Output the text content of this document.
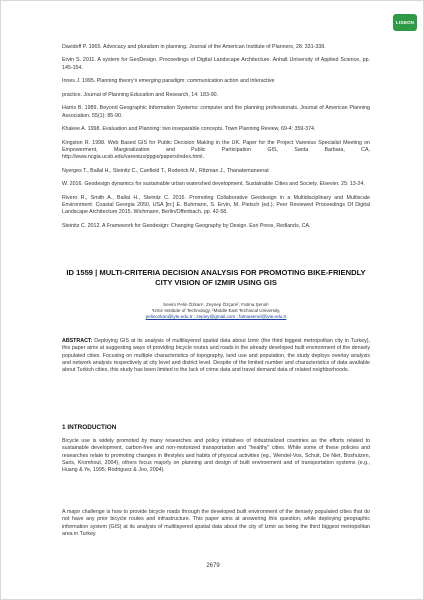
LISBON

Davidoff P. 1965. Advocacy and pluralism in planning. Journal of the American Institute of Planners, 28: 331-338.

Ervin S. 2011. A system for GeoDesign. Proceedings of Digital Landscape Architecture. Anhalt University of Applied Science, pp. 145-154.

Innes J. 1995. Planning theory's emerging paradigm: communication action and interactive

practice. Journal of Planning Education and Research, 14: 183-90.

Harris B. 1989. Beyond Geographic Information Systems: computer and the planning professionals. Journal of American Planning Association. 55(1): 85-90.

Khakee A. 1998. Evaluation and Planning: two inseparable concepts. Town Planning Review, 69-4: 359-374.

Kingston R. 1998. Web Based GIS for Public Decision Making in the UK. Paper for the Project Varenius Specialist Meeting on Empowerment, Marginalization and Public Participation GIS, Santa Barbara, CA, http://www.ncgia.ucsb.edu/varenius/ppgis/papers/index.html.

Nyerges T., Ballal H., Steinitz C., Canfield T., Roderick M., Ritzman J., Thanatemaneerat

W. 2016. Geodesign dynamics for sustainable urban watershed development. Sustainable Cities and Society. Elsevier, 25: 13-24.

Rivero R., Smith A., Ballal H., Steinitz C. 2015. Promoting Collaborative Geodesign in a Multidisciplinary and Multiscale Environment: Coastal Georgia 2050, USA [in:] E. Buhmann, S. Ervin, M. Pietsch (ed.), Peer Reviewed Proceedings Of Digital Landscape Architecture 2015. Wichmann, Berlin/Offenbach, pp. 42-58.

Steinitz C. 2012. A Framework for Geodesign: Changing Geography by Design. Esri Press, Redlands, CA.

ID 1559 | MULTI-CRITERIA DECISION ANALYSIS FOR PROMOTING BIKE-FRIENDLY CITY VISION OF IZMIR USING GIS

Sevim Pelin Özkan¹, Zeynep Özçam², Fatma Şenol¹

¹Izmir Institute of Technology, ²Middle East Technical University,

pelinozkan@iyte.edu.tr ; zepiny@gmail.com ; fatmasenol@iyte.edu.tr

ABSTRACT: Deploying GIS at its analysis of multilayered spatial data about Izmir (the third biggest metropolitan city in Turkey), this paper aims at suggesting ways of providing bicycle routes and roads in the already developed built environment of the densely populated cities. Focusing on multiple characteristics of topography, land use and population, the study deploys overlay analysis and network analysis respectively at city level and district level. Despite of the limited number and characteristics of data available about Turkish cities, this study has been limited to the lack of crime data and travel demand data of related neighborhoods.

1 INTRODUCTION

Bicycle use is widely promoted by many researches and policy initiatives of industrialized countries as the efforts related to sustainable development, carbon-free and non-motorized transportation and "healthy" cities. While some of these policies and researches relate to promoting changes in lifestyles and habits of physical activities (eg., Wendel-Vos, Schuit, De Niet, Boshuizen, Saris, Kromhout, 2004), others focus majorly on planning and design of built environment and of transportation systems (e.g., Huang & Ye, 1995; Rodriguez & Joo, 2004).

A major challenge is how to provide bicycle roads through the developed built environment of the densely populated cities that do not have any prior bicycle routes and infrastructure. This paper aims at answering this question, while deploying geographic information system (GIS) at its analysis of multilayered spatial data about the city of Izmir as being the third biggest metropolitan area in Turkey.

2679
